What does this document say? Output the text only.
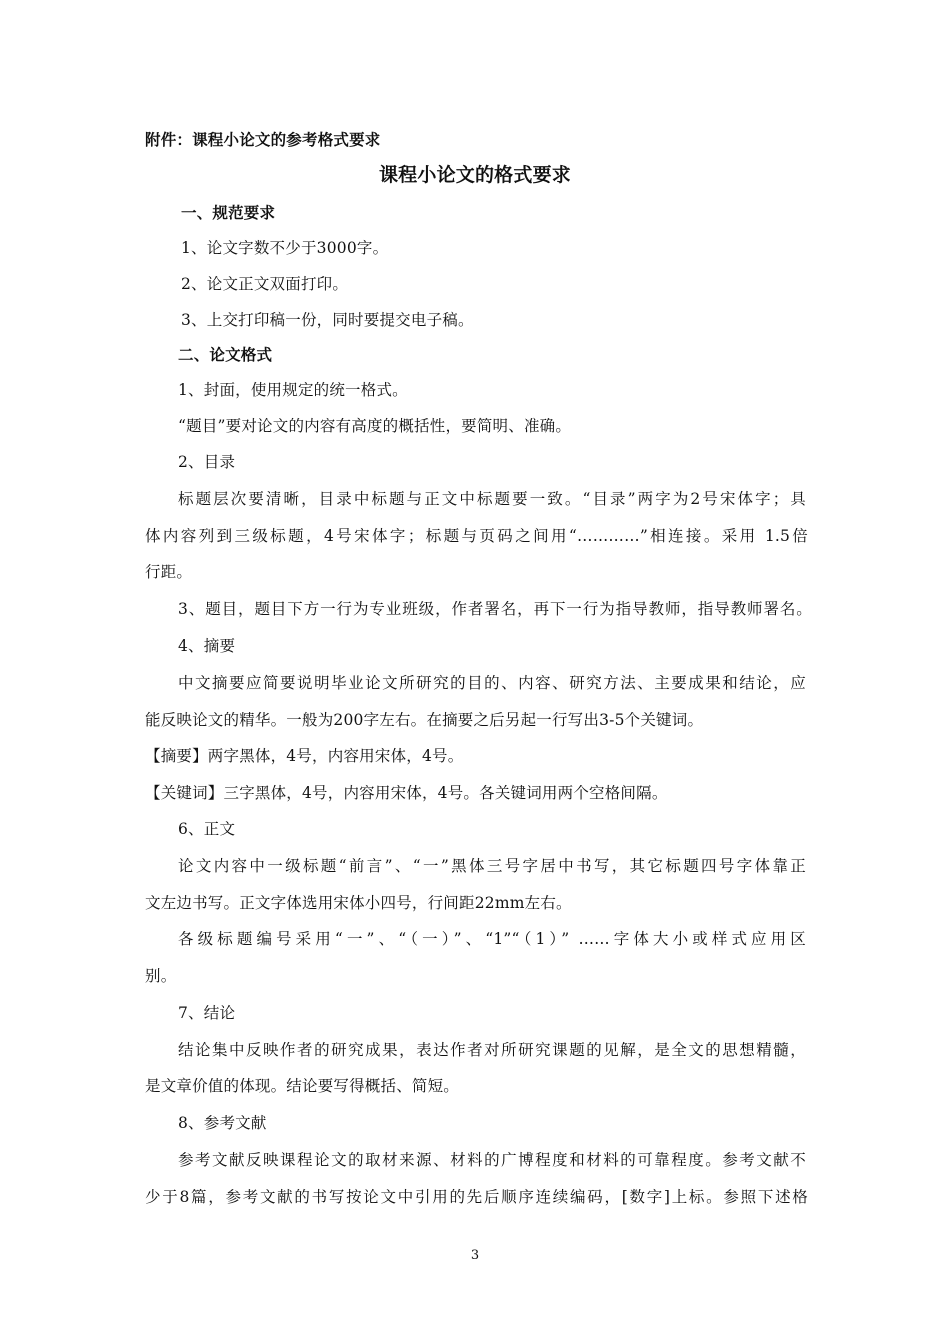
附件：课程小论文的参考格式要求
课程小论文的格式要求
一、规范要求
1、论文字数不少于3000字。
2、论文正文双面打印。
3、上交打印稿一份，同时要提交电子稿。
二、论文格式
1、封面，使用规定的统一格式。
“题目”要对论文的内容有高度的概括性，要简明、准确。
2、目录
标题层次要清晰，目录中标题与正文中标题要一致。“目录”两字为2号宋体字；具
体内容列到三级标题，4号宋体字；标题与页码之间用“…………”相连接。采用 1.5倍
行距。
3、题目，题目下方一行为专业班级，作者署名，再下一行为指导教师，指导教师署名。
4、摘要
中文摘要应简要说明毕业论文所研究的目的、内容、研究方法、主要成果和结论，应
能反映论文的精华。一般为200字左右。在摘要之后另起一行写出3-5个关键词。
【摘要】两字黑体，4号，内容用宋体，4号。
【关键词】三字黑体，4号，内容用宋体，4号。各关键词用两个空格间隔。
6、正文
论文内容中一级标题“前言”、“一”黑体三号字居中书写，其它标题四号字体靠正
文左边书写。正文字体选用宋体小四号，行间距22mm左右。
各级标题编号采用“一”、“（一）”、“1”“（1）” ……字体大小或样式应用区
别。
7、结论
结论集中反映作者的研究成果，表达作者对所研究课题的见解，是全文的思想精髓，
是文章价值的体现。结论要写得概括、简短。
8、参考文献
参考文献反映课程论文的取材来源、材料的广博程度和材料的可靠程度。参考文献不
少于8篇，参考文献的书写按论文中引用的先后顺序连续编码，[数字]上标。参照下述格
3
